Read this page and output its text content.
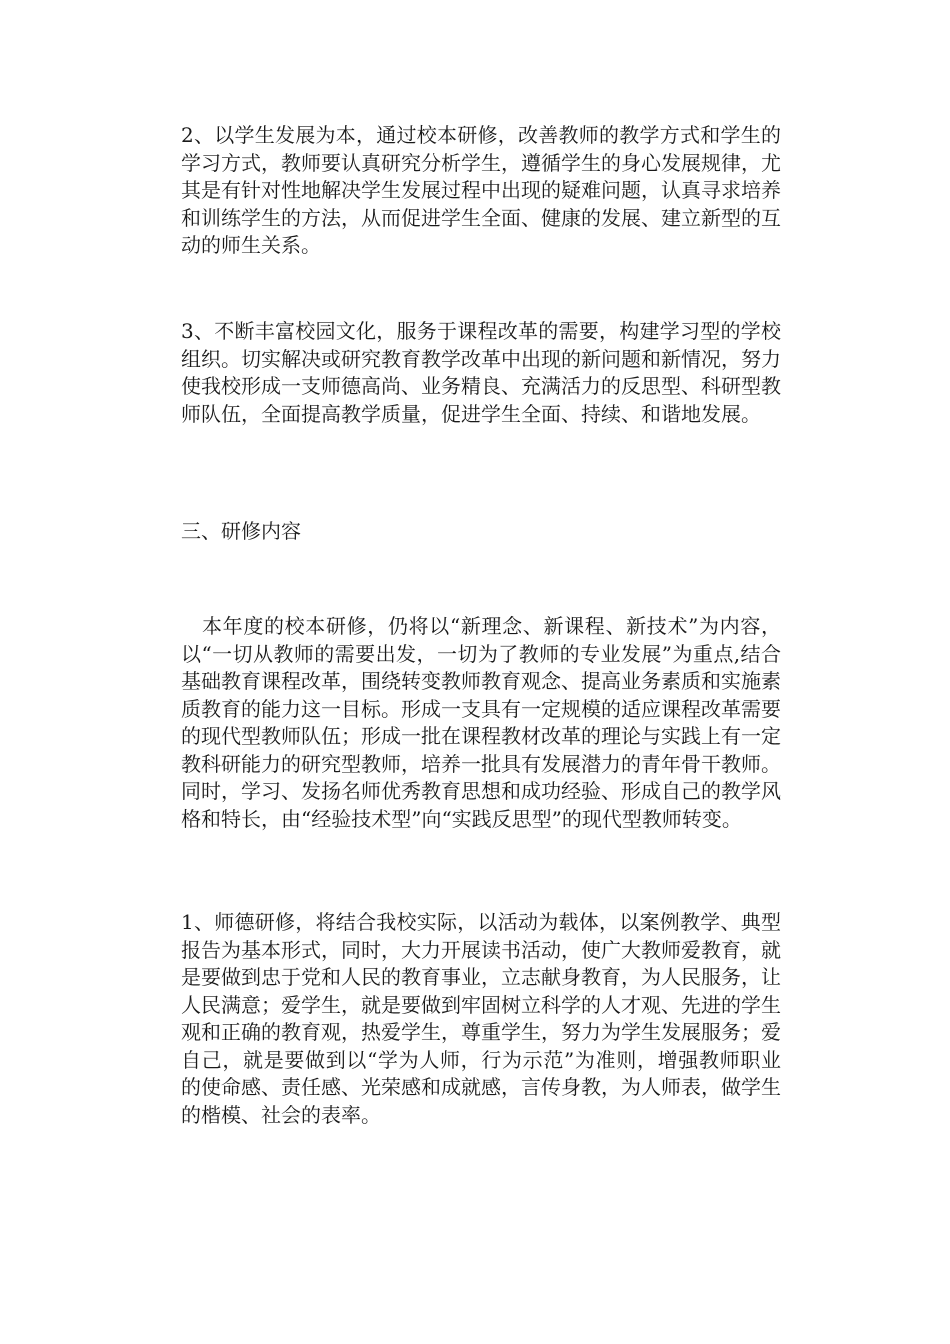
2、以学生发展为本，通过校本研修，改善教师的教学方式和学生的学习方式，教师要认真研究分析学生，遵循学生的身心发展规律，尤其是有针对性地解决学生发展过程中出现的疑难问题，认真寻求培养和训练学生的方法，从而促进学生全面、健康的发展、建立新型的互动的师生关系。

3、不断丰富校园文化，服务于课程改革的需要，构建学习型的学校组织。切实解决或研究教育教学改革中出现的新问题和新情况，努力使我校形成一支师德高尚、业务精良、充满活力的反思型、科研型教师队伍，全面提高教学质量，促进学生全面、持续、和谐地发展。

三、研修内容

本年度的校本研修，仍将以“新理念、新课程、新技术”为内容，以“一切从教师的需要出发，一切为了教师的专业发展”为重点,结合基础教育课程改革，围绕转变教师教育观念、提高业务素质和实施素质教育的能力这一目标。形成一支具有一定规模的适应课程改革需要的现代型教师队伍；形成一批在课程教材改革的理论与实践上有一定教科研能力的研究型教师，培养一批具有发展潜力的青年骨干教师。同时，学习、发扬名师优秀教育思想和成功经验、形成自己的教学风格和特长，由“经验技术型”向“实践反思型”的现代型教师转变。

1、师德研修，将结合我校实际，以活动为载体，以案例教学、典型报告为基本形式，同时，大力开展读书活动，使广大教师爱教育，就是要做到忠于党和人民的教育事业，立志献身教育，为人民服务，让人民满意；爱学生，就是要做到牢固树立科学的人才观、先进的学生观和正确的教育观，热爱学生，尊重学生，努力为学生发展服务；爱自己，就是要做到以“学为人师，行为示范”为准则，增强教师职业的使命感、责任感、光荣感和成就感，言传身教，为人师表，做学生的楷模、社会的表率。
